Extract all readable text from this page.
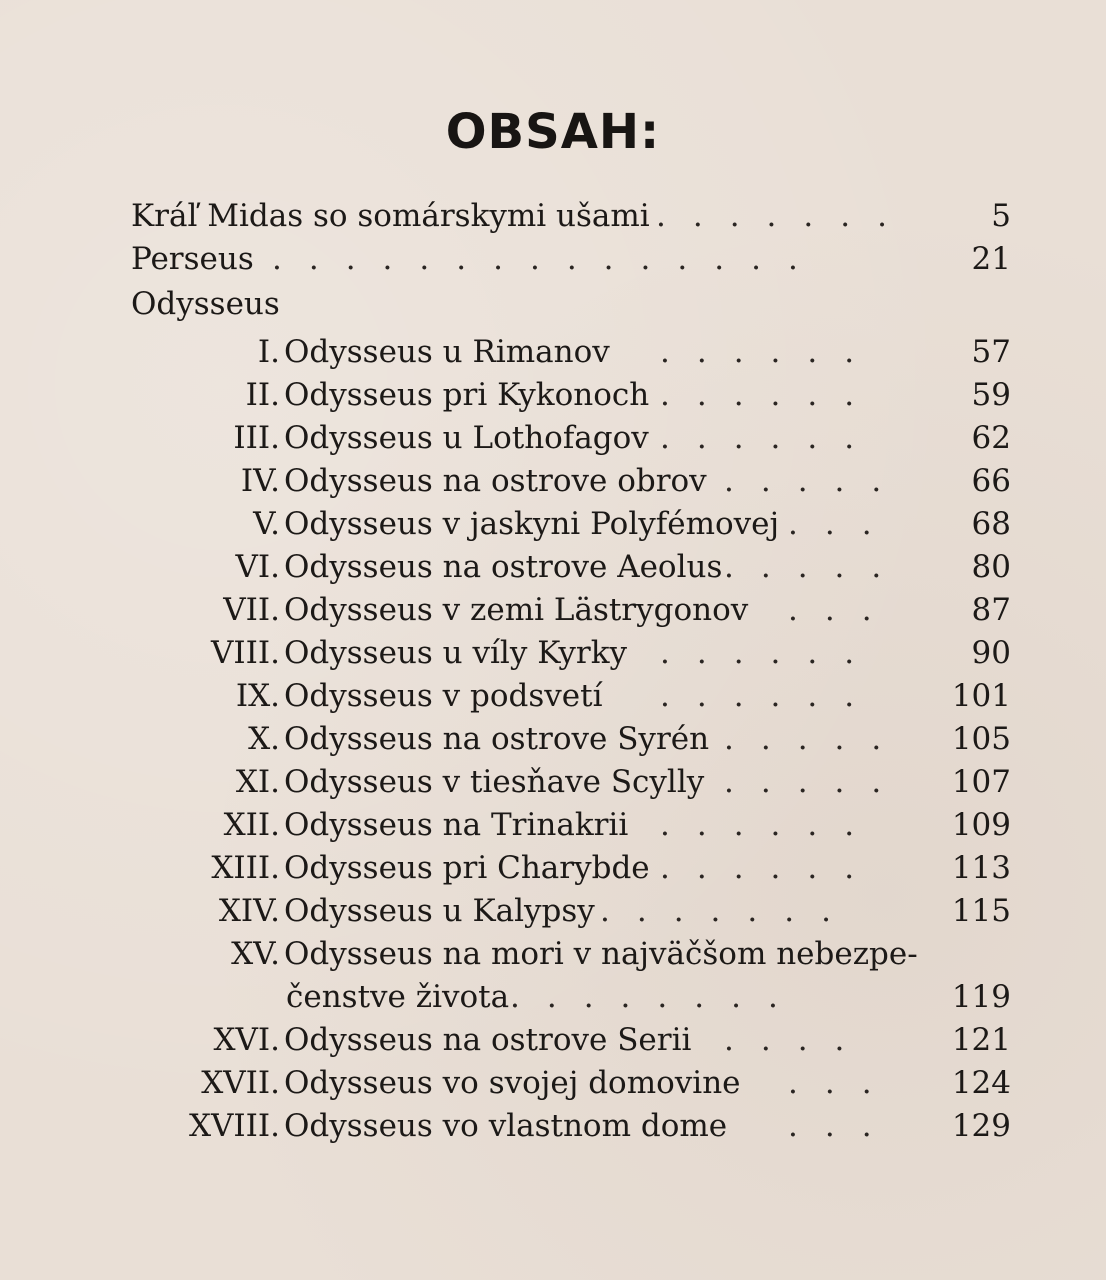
OBSAH:
Kráľ Midas so somárskymi ušami .......	5
Perseus ...............	21
Odysseus
I. Odysseus u Rimanov ......	57
II. Odysseus pri Kykonoch ......	59
III. Odysseus u Lothofagov ......	62
IV. Odysseus na ostrove obrov .....	66
V. Odysseus v jaskyni Polyfémovej ...	68
VI. Odysseus na ostrove Aeolus .....	80
VII. Odysseus v zemi Lästrygonov ...	87
VIII. Odysseus u víly Kyrky ......	90
IX. Odysseus v podsvetí ......	101
X. Odysseus na ostrove Syrén .....	105
XI. Odysseus v tiesňave Scylly .....	107
XII. Odysseus na Trinakrii ......	109
XIII. Odysseus pri Charybde ......	113
XIV. Odysseus u Kalypsy .......	115
XV. Odysseus na mori v najväčšom nebezpe-
čenstve života ........	119
XVI. Odysseus na ostrove Serii ....	121
XVII. Odysseus vo svojej domovine ...	124
XVIII. Odysseus vo vlastnom dome ...	129
